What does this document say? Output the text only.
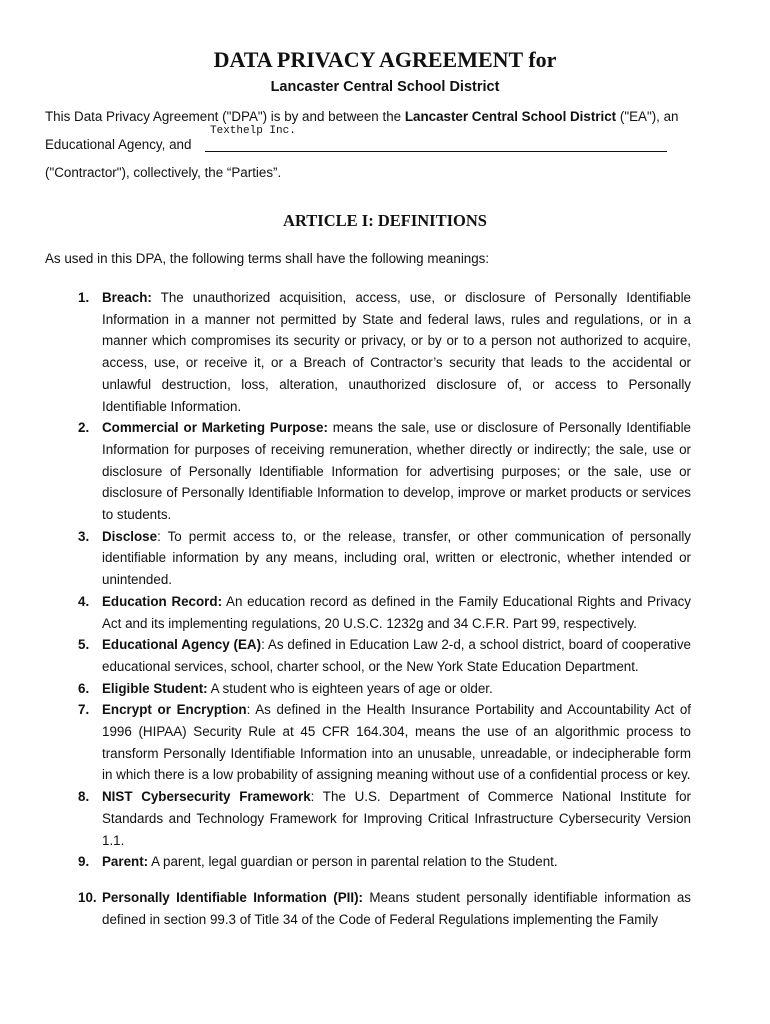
DATA PRIVACY AGREEMENT for
Lancaster Central School District
This Data Privacy Agreement ("DPA") is by and between the Lancaster Central School District ("EA"), an
Educational Agency, and
Texthelp Inc.
("Contractor"), collectively, the “Parties”.
ARTICLE I: DEFINITIONS
As used in this DPA, the following terms shall have the following meanings:
1. Breach: The unauthorized acquisition, access, use, or disclosure of Personally Identifiable Information in a manner not permitted by State and federal laws, rules and regulations, or in a manner which compromises its security or privacy, or by or to a person not authorized to acquire, access, use, or receive it, or a Breach of Contractor’s security that leads to the accidental or unlawful destruction, loss, alteration, unauthorized disclosure of, or access to Personally Identifiable Information.
2. Commercial or Marketing Purpose: means the sale, use or disclosure of Personally Identifiable Information for purposes of receiving remuneration, whether directly or indirectly; the sale, use or disclosure of Personally Identifiable Information for advertising purposes; or the sale, use or disclosure of Personally Identifiable Information to develop, improve or market products or services to students.
3. Disclose: To permit access to, or the release, transfer, or other communication of personally identifiable information by any means, including oral, written or electronic, whether intended or unintended.
4. Education Record: An education record as defined in the Family Educational Rights and Privacy Act and its implementing regulations, 20 U.S.C. 1232g and 34 C.F.R. Part 99, respectively.
5. Educational Agency (EA): As defined in Education Law 2-d, a school district, board of cooperative educational services, school, charter school, or the New York State Education Department.
6. Eligible Student: A student who is eighteen years of age or older.
7. Encrypt or Encryption: As defined in the Health Insurance Portability and Accountability Act of 1996 (HIPAA) Security Rule at 45 CFR 164.304, means the use of an algorithmic process to transform Personally Identifiable Information into an unusable, unreadable, or indecipherable form in which there is a low probability of assigning meaning without use of a confidential process or key.
8. NIST Cybersecurity Framework: The U.S. Department of Commerce National Institute for Standards and Technology Framework for Improving Critical Infrastructure Cybersecurity Version 1.1.
9. Parent: A parent, legal guardian or person in parental relation to the Student.
10. Personally Identifiable Information (PII): Means student personally identifiable information as defined in section 99.3 of Title 34 of the Code of Federal Regulations implementing the Family
